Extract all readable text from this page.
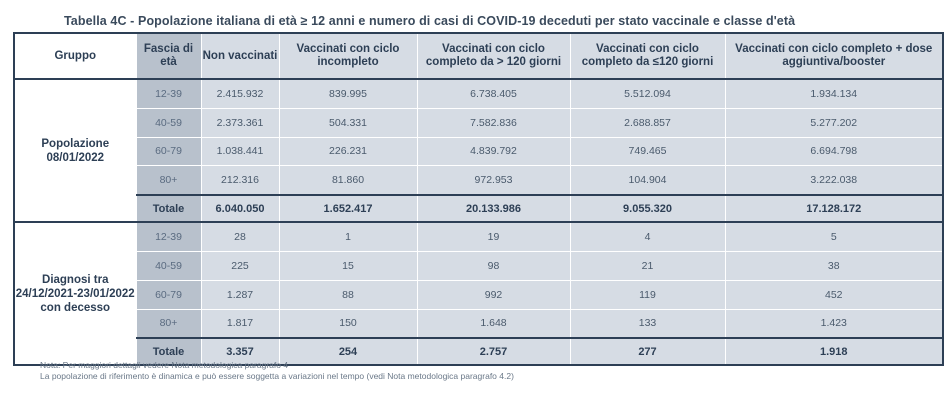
Tabella 4C - Popolazione italiana di età ≥ 12 anni e numero di casi di COVID-19 deceduti per stato vaccinale e classe d'età
Gruppo	Fascia di età	Non vaccinati	Vaccinati con ciclo incompleto	Vaccinati con ciclo completo da > 120 giorni	Vaccinati con ciclo completo da ≤120 giorni	Vaccinati con ciclo completo + dose aggiuntiva/booster
Popolazione 08/01/2022	12-39	2.415.932	839.995	6.738.405	5.512.094	1.934.134
	40-59	2.373.361	504.331	7.582.836	2.688.857	5.277.202
	60-79	1.038.441	226.231	4.839.792	749.465	6.694.798
	80+	212.316	81.860	972.953	104.904	3.222.038
	Totale	6.040.050	1.652.417	20.133.986	9.055.320	17.128.172
Diagnosi tra 24/12/2021-23/01/2022 con decesso	12-39	28	1	19	4	5
	40-59	225	15	98	21	38
	60-79	1.287	88	992	119	452
	80+	1.817	150	1.648	133	1.423
	Totale	3.357	254	2.757	277	1.918
Nota: Per maggiori dettagli vedere Nota metodologica paragrafo 4
La popolazione di riferimento è dinamica e può essere soggetta a variazioni nel tempo (vedi Nota metodologica paragrafo 4.2)
